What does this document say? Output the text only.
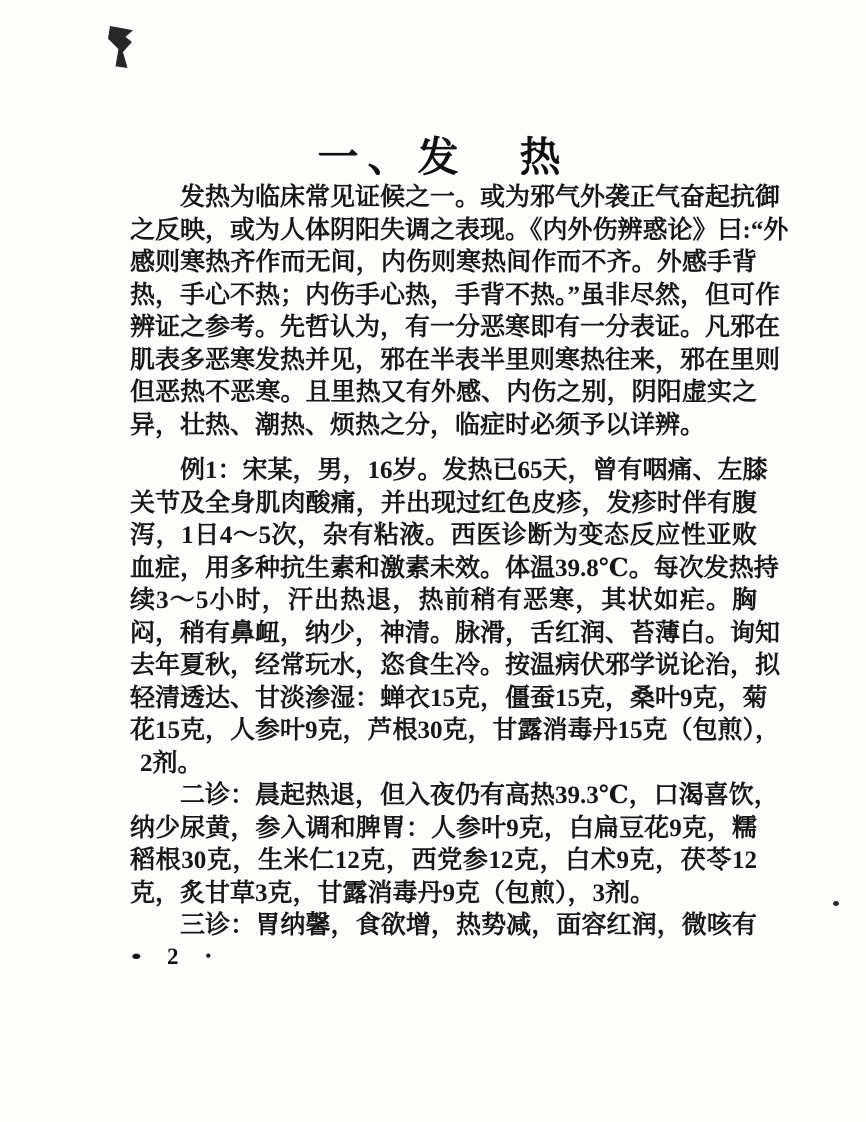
一、发 热
发热为临床常见证候之一。或为邪气外袭正气奋起抗御
之反映，或为人体阴阳失调之表现。《内外伤辨惑论》曰:“外
感则寒热齐作而无间，内伤则寒热间作而不齐。外感手背
热，手心不热；内伤手心热，手背不热。”虽非尽然，但可作
辨证之参考。先哲认为，有一分恶寒即有一分表证。凡邪在
肌表多恶寒发热并见，邪在半表半里则寒热往来，邪在里则
但恶热不恶寒。且里热又有外感、内伤之别，阴阳虚实之
异，壮热、潮热、烦热之分，临症时必须予以详辨。
例1：宋某，男，16岁。发热已65天，曾有咽痛、左膝
关节及全身肌肉酸痛，并出现过红色皮疹，发疹时伴有腹
泻，1日4～5次，杂有粘液。西医诊断为变态反应性亚败
血症，用多种抗生素和激素未效。体温39.8℃。每次发热持
续3～5小时，汗出热退，热前稍有恶寒，其状如疟。胸
闷，稍有鼻衄，纳少，神清。脉滑，舌红润、苔薄白。询知
去年夏秋，经常玩水，恣食生冷。按温病伏邪学说论治，拟
轻清透达、甘淡渗湿：蝉衣15克，僵蚕15克，桑叶9克，菊
花15克，人参叶9克，芦根30克，甘露消毒丹15克（包煎），
2剂。
二诊：晨起热退，但入夜仍有高热39.3℃，口渴喜饮，
纳少尿黄，参入调和脾胃：人参叶9克，白扁豆花9克，糯
稻根30克，生米仁12克，西党参12克，白术9克，茯苓12
克，炙甘草3克，甘露消毒丹9克（包煎），3剂。
三诊：胃纳馨，食欲增，热势减，面容红润，微咳有
• 2 •
